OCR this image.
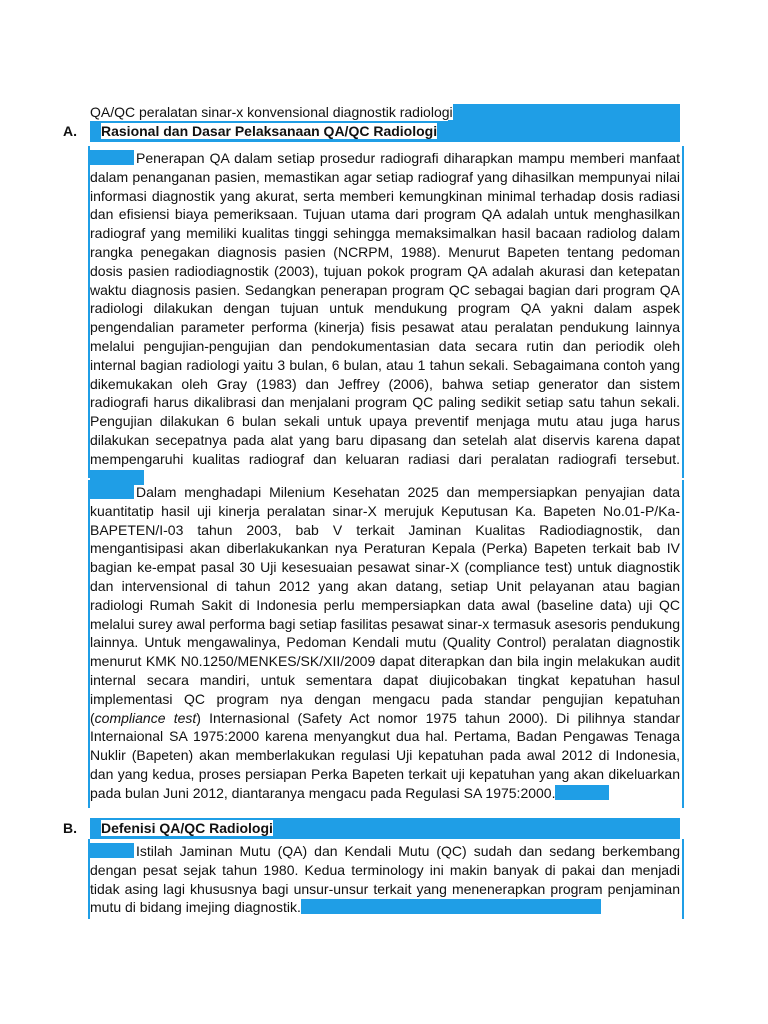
QA/QC peralatan sinar-x konvensional diagnostik radiologi
A. Rasional dan Dasar Pelaksanaan QA/QC Radiologi
Penerapan QA dalam setiap prosedur radiografi diharapkan mampu memberi manfaat dalam penanganan pasien, memastikan agar setiap radiograf yang dihasilkan mempunyai nilai informasi diagnostik yang akurat, serta memberi kemungkinan minimal terhadap dosis radiasi dan efisiensi biaya pemeriksaan. Tujuan utama dari program QA adalah untuk menghasilkan radiograf yang memiliki kualitas tinggi sehingga memaksimalkan hasil bacaan radiolog dalam rangka penegakan diagnosis pasien (NCRPM, 1988). Menurut Bapeten tentang pedoman dosis pasien radiodiagnostik (2003), tujuan pokok program QA adalah akurasi dan ketepatan waktu diagnosis pasien. Sedangkan penerapan program QC sebagai bagian dari program QA radiologi dilakukan dengan tujuan untuk mendukung program QA yakni dalam aspek pengendalian parameter performa (kinerja) fisis pesawat atau peralatan pendukung lainnya melalui pengujian-pengujian dan pendokumentasian data secara rutin dan periodik oleh internal bagian radiologi yaitu 3 bulan, 6 bulan, atau 1 tahun sekali. Sebagaimana contoh yang dikemukakan oleh Gray (1983) dan Jeffrey (2006), bahwa setiap generator dan sistem radiografi harus dikalibrasi dan menjalani program QC paling sedikit setiap satu tahun sekali. Pengujian dilakukan 6 bulan sekali untuk upaya preventif menjaga mutu atau juga harus dilakukan secepatnya pada alat yang baru dipasang dan setelah alat diservis karena dapat mempengaruhi kualitas radiograf dan keluaran radiasi dari peralatan radiografi tersebut.
Dalam menghadapi Milenium Kesehatan 2025 dan mempersiapkan penyajian data kuantitatip hasil uji kinerja peralatan sinar-X merujuk Keputusan Ka. Bapeten No.01-P/Ka-BAPETEN/I-03 tahun 2003, bab V terkait Jaminan Kualitas Radiodiagnostik, dan mengantisipasi akan diberlakukankan nya Peraturan Kepala (Perka) Bapeten terkait bab IV bagian ke-empat pasal 30 Uji kesesuaian pesawat sinar-X (compliance test) untuk diagnostik dan intervensional di tahun 2012 yang akan datang, setiap Unit pelayanan atau bagian radiologi Rumah Sakit di Indonesia perlu mempersiapkan data awal (baseline data) uji QC melalui surey awal performa bagi setiap fasilitas pesawat sinar-x termasuk asesoris pendukung lainnya. Untuk mengawalinya, Pedoman Kendali mutu (Quality Control) peralatan diagnostik menurut KMK N0.1250/MENKES/SK/XII/2009 dapat diterapkan dan bila ingin melakukan audit internal secara mandiri, untuk sementara dapat diujicobakan tingkat kepatuhan hasul implementasi QC program nya dengan mengacu pada standar pengujian kepatuhan (compliance test) Internasional (Safety Act nomor 1975 tahun 2000). Di pilihnya standar Internaional SA 1975:2000 karena menyangkut dua hal. Pertama, Badan Pengawas Tenaga Nuklir (Bapeten) akan memberlakukan regulasi Uji kepatuhan pada awal 2012 di Indonesia, dan yang kedua, proses persiapan Perka Bapeten terkait uji kepatuhan yang akan dikeluarkan pada bulan Juni 2012, diantaranya mengacu pada Regulasi SA 1975:2000.
B. Defenisi QA/QC Radiologi
Istilah Jaminan Mutu (QA) dan Kendali Mutu (QC) sudah dan sedang berkembang dengan pesat sejak tahun 1980. Kedua terminology ini makin banyak di pakai dan menjadi tidak asing lagi khususnya bagi unsur-unsur terkait yang menenerapkan program penjaminan mutu di bidang imejing diagnostik.
